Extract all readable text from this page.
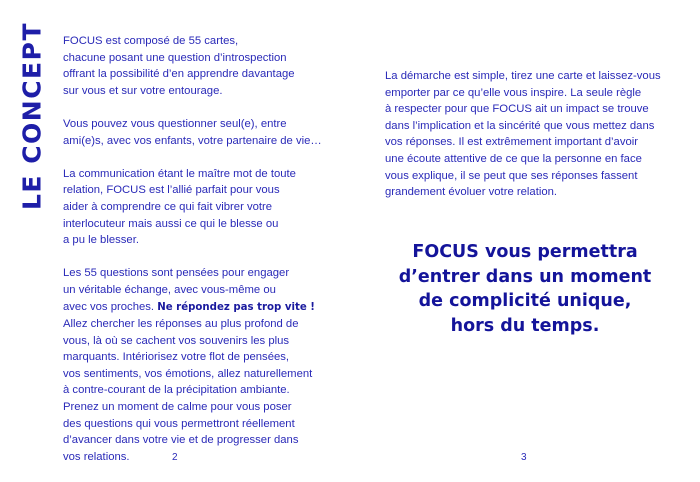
LE CONCEPT FOCUS est composé de 55 cartes,
chacune posant une question d’introspection
offrant la possibilité d’en apprendre davantage
sur vous et sur votre entourage.
Vous pouvez vous questionner seul(e), entre
ami(e)s, avec vos enfants, votre partenaire de vie…
La communication étant le maître mot de toute
relation, FOCUS est l’allié parfait pour vous
aider à comprendre ce qui fait vibrer votre
interlocuteur mais aussi ce qui le blesse ou
a pu le blesser.
Les 55 questions sont pensées pour engager
un véritable échange, avec vous-même ou
avec vos proches. Ne répondez pas trop vite !
Allez chercher les réponses au plus profond de
vous, là où se cachent vos souvenirs les plus
marquants. Intériorisez votre flot de pensées,
vos sentiments, vos émotions, allez naturellement
à contre-courant de la précipitation ambiante.
Prenez un moment de calme pour vous poser
des questions qui vous permettront réellement
d’avancer dans votre vie et de progresser dans
vos relations.
La démarche est simple, tirez une carte et laissez-vous
emporter par ce qu’elle vous inspire. La seule règle
à respecter pour que FOCUS ait un impact se trouve
dans l’implication et la sincérité que vous mettez dans
vos réponses. Il est extrêmement important d’avoir
une écoute attentive de ce que la personne en face
vous explique, il se peut que ses réponses fassent
grandement évoluer votre relation.
FOCUS vous permettra
d’entrer dans un moment
de complicité unique,
hors du temps.
2	3
